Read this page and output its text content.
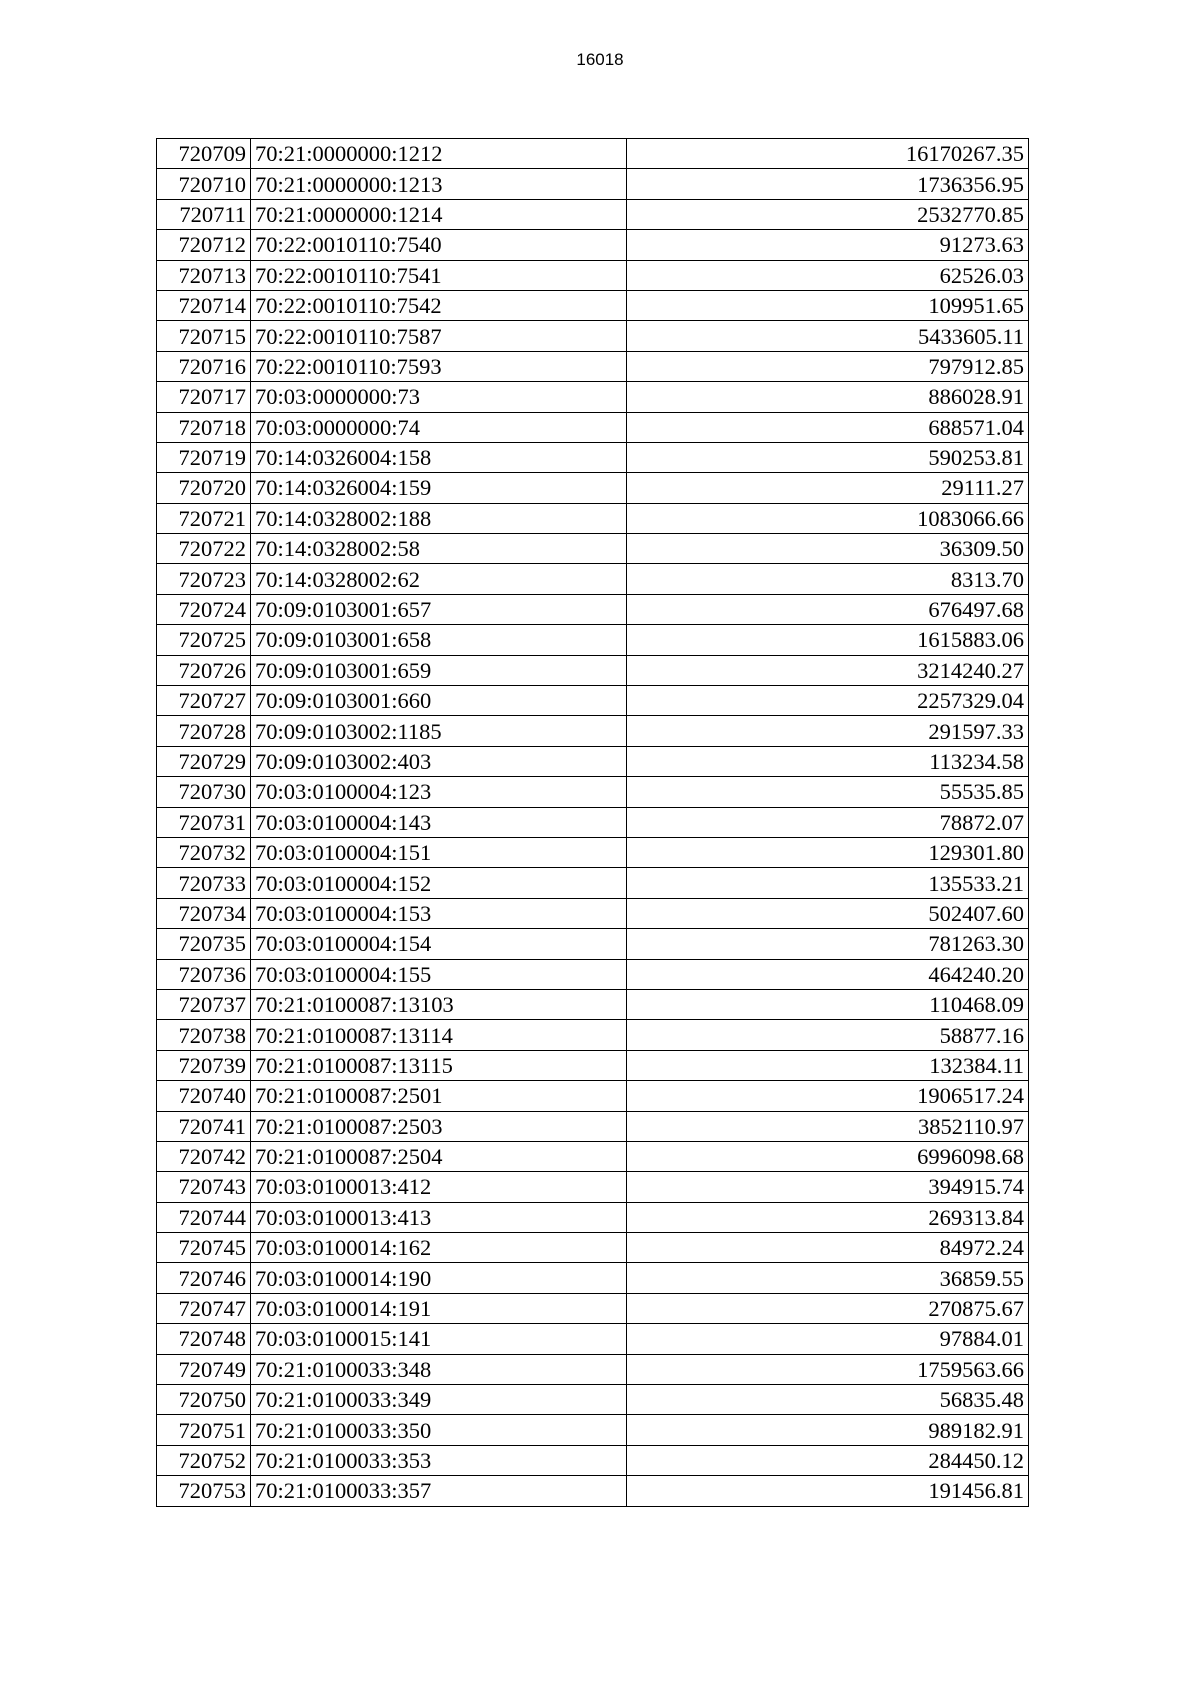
16018
720709	70:21:0000000:1212	16170267.35
720710	70:21:0000000:1213	1736356.95
720711	70:21:0000000:1214	2532770.85
720712	70:22:0010110:7540	91273.63
720713	70:22:0010110:7541	62526.03
720714	70:22:0010110:7542	109951.65
720715	70:22:0010110:7587	5433605.11
720716	70:22:0010110:7593	797912.85
720717	70:03:0000000:73	886028.91
720718	70:03:0000000:74	688571.04
720719	70:14:0326004:158	590253.81
720720	70:14:0326004:159	29111.27
720721	70:14:0328002:188	1083066.66
720722	70:14:0328002:58	36309.50
720723	70:14:0328002:62	8313.70
720724	70:09:0103001:657	676497.68
720725	70:09:0103001:658	1615883.06
720726	70:09:0103001:659	3214240.27
720727	70:09:0103001:660	2257329.04
720728	70:09:0103002:1185	291597.33
720729	70:09:0103002:403	113234.58
720730	70:03:0100004:123	55535.85
720731	70:03:0100004:143	78872.07
720732	70:03:0100004:151	129301.80
720733	70:03:0100004:152	135533.21
720734	70:03:0100004:153	502407.60
720735	70:03:0100004:154	781263.30
720736	70:03:0100004:155	464240.20
720737	70:21:0100087:13103	110468.09
720738	70:21:0100087:13114	58877.16
720739	70:21:0100087:13115	132384.11
720740	70:21:0100087:2501	1906517.24
720741	70:21:0100087:2503	3852110.97
720742	70:21:0100087:2504	6996098.68
720743	70:03:0100013:412	394915.74
720744	70:03:0100013:413	269313.84
720745	70:03:0100014:162	84972.24
720746	70:03:0100014:190	36859.55
720747	70:03:0100014:191	270875.67
720748	70:03:0100015:141	97884.01
720749	70:21:0100033:348	1759563.66
720750	70:21:0100033:349	56835.48
720751	70:21:0100033:350	989182.91
720752	70:21:0100033:353	284450.12
720753	70:21:0100033:357	191456.81
